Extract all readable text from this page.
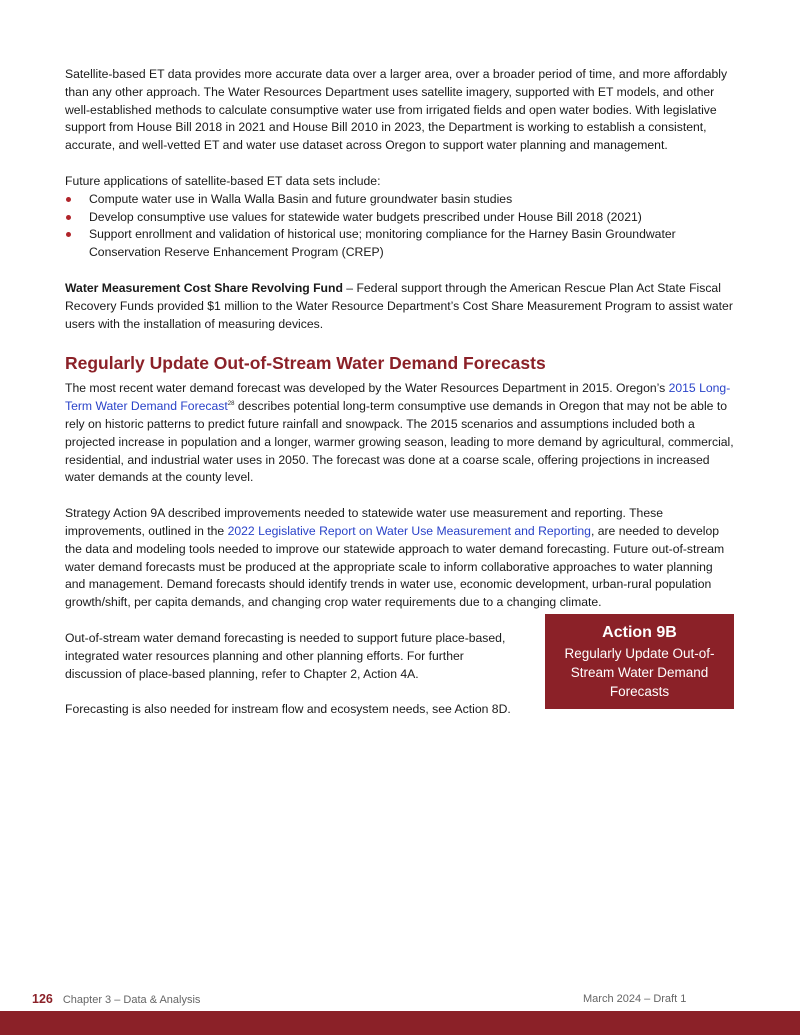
Satellite-based ET data provides more accurate data over a larger area, over a broader period of time, and more affordably than any other approach. The Water Resources Department uses satellite imagery, supported with ET models, and other well-established methods to calculate consumptive water use from irrigated fields and open water bodies. With legislative support from House Bill 2018 in 2021 and House Bill 2010 in 2023, the Department is working to establish a consistent, accurate, and well-vetted ET and water use dataset across Oregon to support water planning and management.

Future applications of satellite-based ET data sets include:

Compute water use in Walla Walla Basin and future groundwater basin studies
Develop consumptive use values for statewide water budgets prescribed under House Bill 2018 (2021)
Support enrollment and validation of historical use; monitoring compliance for the Harney Basin Groundwater Conservation Reserve Enhancement Program (CREP)

Water Measurement Cost Share Revolving Fund – Federal support through the American Rescue Plan Act State Fiscal Recovery Funds provided $1 million to the Water Resource Department’s Cost Share Measurement Program to assist water users with the installation of measuring devices.

Regularly Update Out-of-Stream Water Demand Forecasts

The most recent water demand forecast was developed by the Water Resources Department in 2015. Oregon’s 2015 Long-Term Water Demand Forecast$^{28}$ describes potential long-term consumptive use demands in Oregon that may not be able to rely on historic patterns to predict future rainfall and snowpack. The 2015 scenarios and assumptions included both a projected increase in population and a longer, warmer growing season, leading to more demand by agricultural, commercial, residential, and industrial water uses in 2050. The forecast was done at a coarse scale, offering projections in increased water demands at the county level.

Strategy Action 9A described improvements needed to statewide water use measurement and reporting. These improvements, outlined in the 2022 Legislative Report on Water Use Measurement and Reporting, are needed to develop the data and modeling tools needed to improve our statewide approach to water demand forecasting. Future out-of-stream water demand forecasts must be produced at the appropriate scale to inform collaborative approaches to water planning and management. Demand forecasts should identify trends in water use, economic development, urban-rural population growth/shift, per capita demands, and changing crop water requirements due to a changing climate.

Out-of-stream water demand forecasting is needed to support future place-based, integrated water resources planning and other planning efforts. For further discussion of place-based planning, refer to Chapter 2, Action 4A.

Forecasting is also needed for instream flow and ecosystem needs, see Action 8D.

Action 9B
Regularly Update Out-of-Stream Water Demand Forecasts
126 Chapter 3 – Data & Analysis	March 2024 – Draft 1
